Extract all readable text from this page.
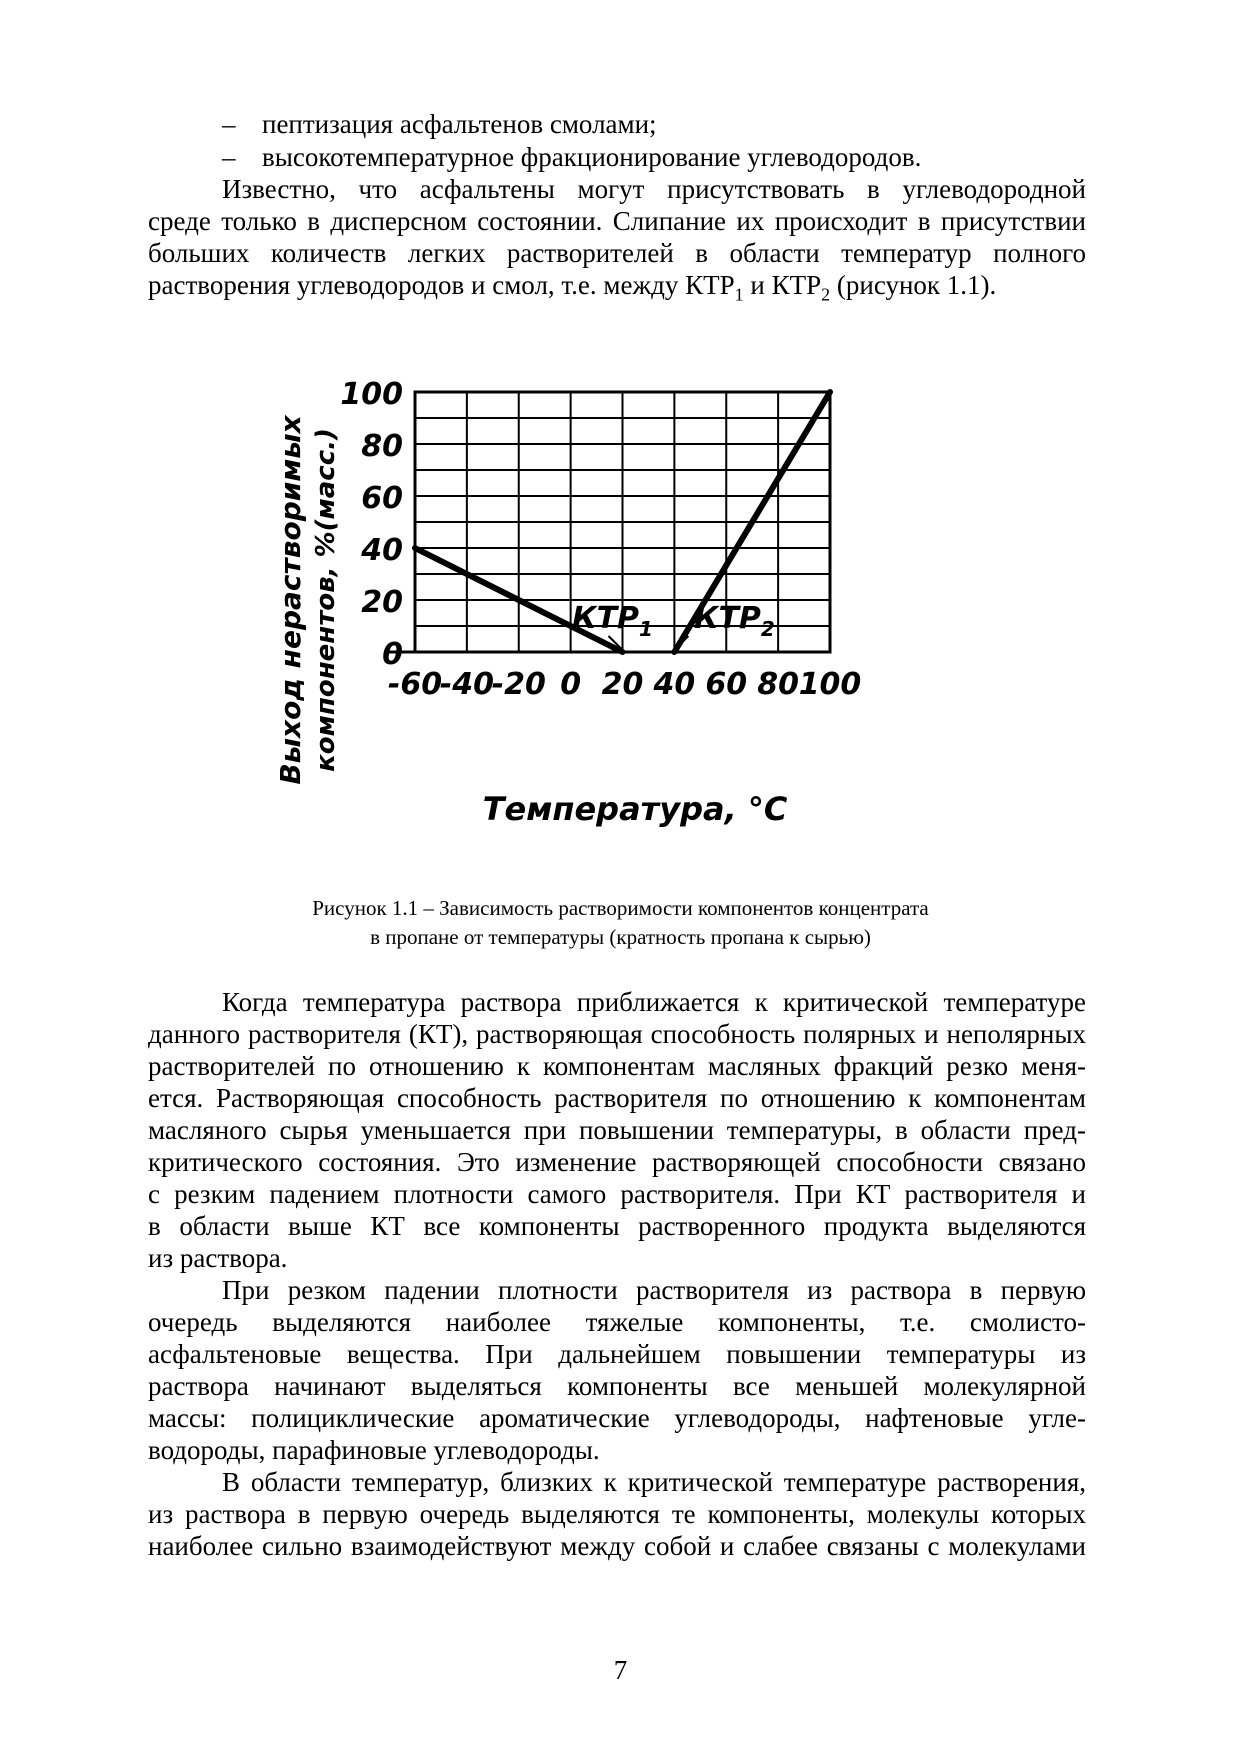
– пептизация асфальтенов смолами;
– высокотемпературное фракционирование углеводородов.
Известно, что асфальтены могут присутствовать в углеводородной
среде только в дисперсном состоянии. Слипание их происходит в присутствии
больших количеств легких растворителей в области температур полного
растворения углеводородов и смол, т.е. между $КТР_1$ и $КТР_2$ (рисунок 1.1).
0
20
40
60
80
100
-60
-40
-20 0 20 40 60 80 100
$КТР_1$ $КТР_2$
Температура, °С
Выход нерастворимых компонентов, %(масс.)
Рисунок 1.1 – Зависимость растворимости компонентов концентрата
в пропане от температуры (кратность пропана к сырью)
Когда температура раствора приближается к критической температуре
данного растворителя (КТ), растворяющая способность полярных и неполярных
растворителей по отношению к компонентам масляных фракций резко меня-
ется. Растворяющая способность растворителя по отношению к компонентам
масляного сырья уменьшается при повышении температуры, в области пред-
критического состояния. Это изменение растворяющей способности связано
с резким падением плотности самого растворителя. При КТ растворителя и
в области выше КТ все компоненты растворенного продукта выделяются
из раствора.
При резком падении плотности растворителя из раствора в первую
очередь выделяются наиболее тяжелые компоненты, т.е. смолисто-
асфальтеновые вещества. При дальнейшем повышении температуры из
раствора начинают выделяться компоненты все меньшей молекулярной
массы: полициклические ароматические углеводороды, нафтеновые угле-
водороды, парафиновые углеводороды.
В области температур, близких к критической температуре растворения,
из раствора в первую очередь выделяются те компоненты, молекулы которых
наиболее сильно взаимодействуют между собой и слабее связаны с молекулами
7
